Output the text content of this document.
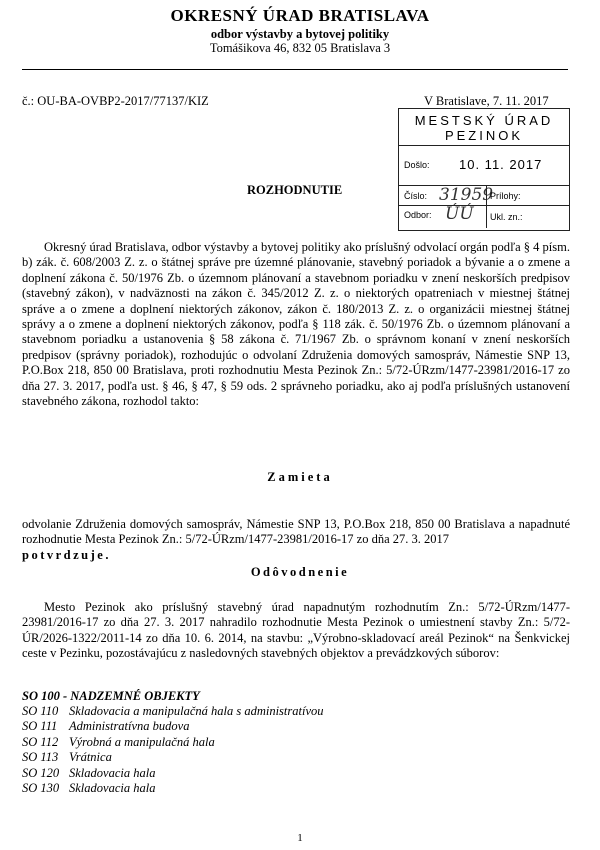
OKRESNÝ ÚRAD BRATISLAVA
odbor výstavby a bytovej politiky
Tomášikova 46, 832 05 Bratislava 3
č.: OU-BA-OVBP2-2017/77137/KIZ	V Bratislave, 7. 11. 2017
MESTSKÝ ÚRAD
PEZINOK
Došlo: 10. 11. 2017
Číslo: 31959
Odbor: ÚÚ
Prílohy:
Ukl. zn.:
ROZHODNUTIE
Okresný úrad Bratislava, odbor výstavby a bytovej politiky ako príslušný odvolací orgán podľa § 4 písm. b) zák. č. 608/2003 Z. z. o štátnej správe pre územné plánovanie, stavebný poriadok a bývanie a o zmene a doplnení zákona č. 50/1976 Zb. o územnom plánovaní a stavebnom poriadku v znení neskorších predpisov (stavebný zákon), v nadväznosti na zákon č. 345/2012 Z. z. o niektorých opatreniach v miestnej štátnej správe a o zmene a doplnení niektorých zákonov, zákon č. 180/2013 Z. z. o organizácii miestnej štátnej správy a o zmene a doplnení niektorých zákonov, podľa § 118 zák. č. 50/1976 Zb. o územnom plánovaní a stavebnom poriadku a ustanovenia § 58 zákona č. 71/1967 Zb. o správnom konaní v znení neskorších predpisov (správny poriadok), rozhodujúc o odvolaní Združenia domových samospráv, Námestie SNP 13, P.O.Box 218, 850 00 Bratislava, proti rozhodnutiu Mesta Pezinok Zn.: 5/72-ÚRzm/1477-23981/2016-17 zo dňa 27. 3. 2017, podľa ust. § 46, § 47, § 59 ods. 2 správneho poriadku, ako aj podľa príslušných ustanovení stavebného zákona, rozhodol takto:
Zamieta
odvolanie Združenia domových samospráv, Námestie SNP 13, P.O.Box 218, 850 00 Bratislava a napadnuté rozhodnutie Mesta Pezinok Zn.: 5/72-ÚRzm/1477-23981/2016-17 zo dňa 27. 3. 2017
potvrdzuje.
Odôvodnenie
Mesto Pezinok ako príslušný stavebný úrad napadnutým rozhodnutím Zn.: 5/72-ÚRzm/1477-23981/2016-17 zo dňa 27. 3. 2017 nahradilo rozhodnutie Mesta Pezinok o umiestnení stavby Zn.: 5/72-ÚR/2026-1322/2011-14 zo dňa 10. 6. 2014, na stavbu: „Výrobno-skladovací areál Pezinok“ na Šenkvickej ceste v Pezinku, pozostávajúcu z nasledovných stavebných objektov a prevádzkových súborov:
SO 100 - NADZEMNÉ OBJEKTY
SO 110 Skladovacia a manipulačná hala s administratívou
SO 111 Administratívna budova
SO 112 Výrobná a manipulačná hala
SO 113 Vrátnica
SO 120 Skladovacia hala
SO 130 Skladovacia hala
1
